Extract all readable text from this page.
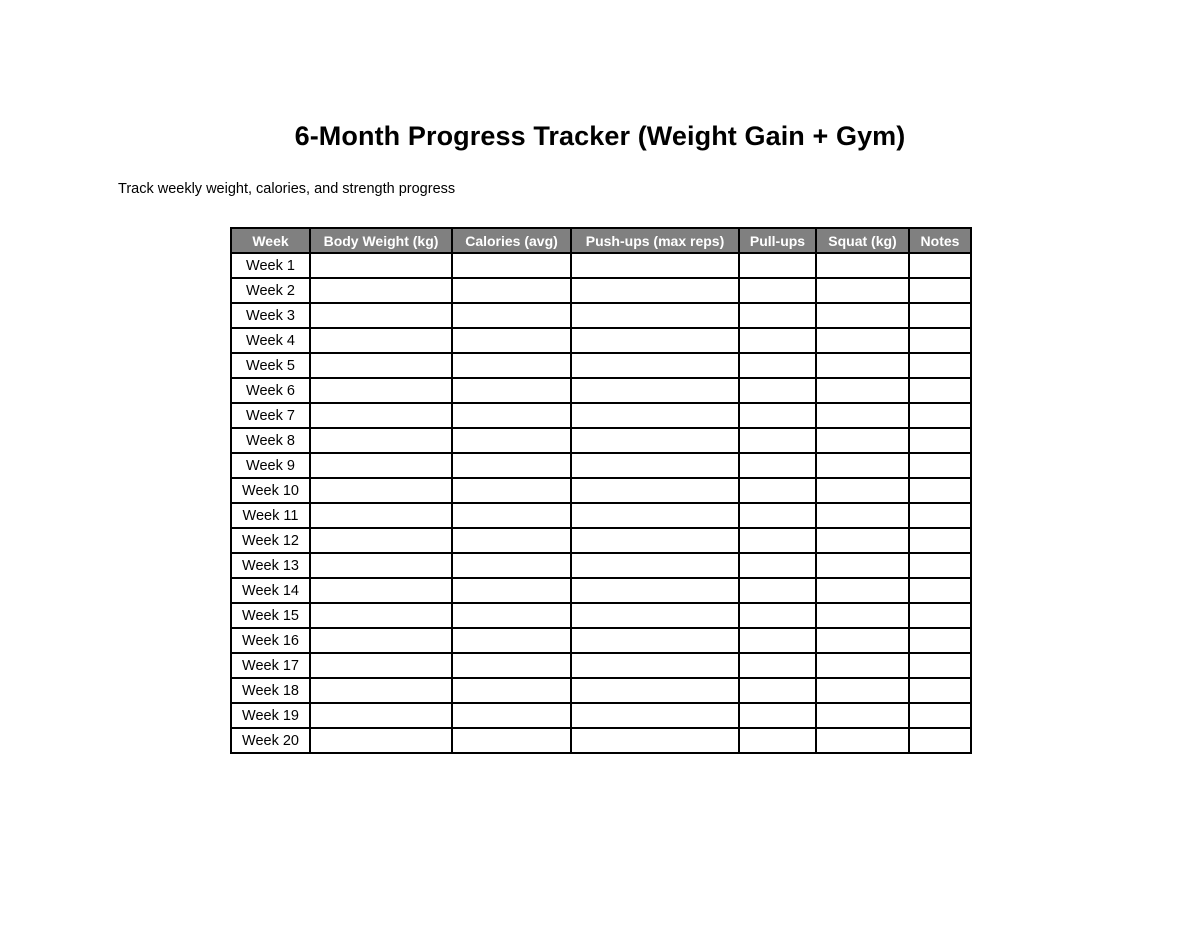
6-Month Progress Tracker (Weight Gain + Gym)
Track weekly weight, calories, and strength progress
Week	Body Weight (kg)	Calories (avg)	Push-ups (max reps)	Pull-ups	Squat (kg)	Notes
Week 1						
Week 2						
Week 3						
Week 4						
Week 5						
Week 6						
Week 7						
Week 8						
Week 9						
Week 10						
Week 11						
Week 12						
Week 13						
Week 14						
Week 15						
Week 16						
Week 17						
Week 18						
Week 19						
Week 20						
